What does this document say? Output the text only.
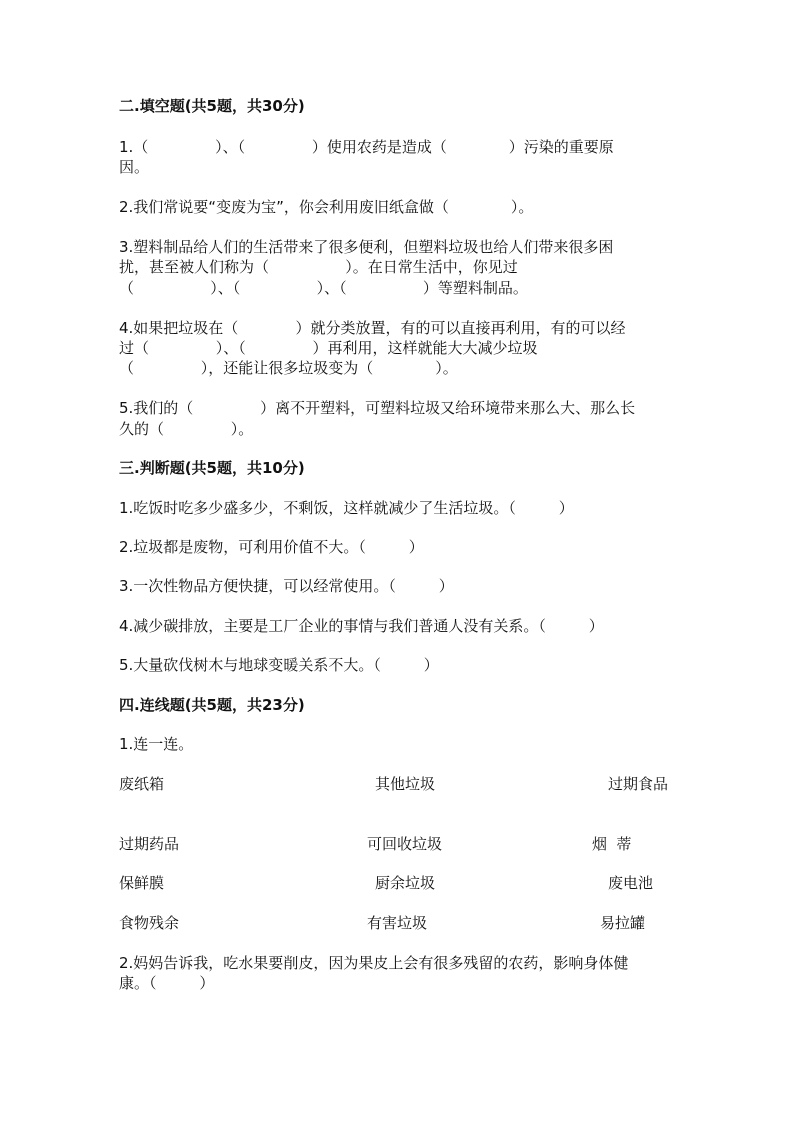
二.填空题(共5题，共30分)
1.（              ）、（              ）使用农药是造成（             ）污染的重要原
因。
2.我们常说要“变废为宝”，你会利用废旧纸盒做（             ）。
3.塑料制品给人们的生活带来了很多便利，但塑料垃圾也给人们带来很多困
扰，甚至被人们称为（                ）。在日常生活中，你见过
（                ）、（                ）、（                ）等塑料制品。
4.如果把垃圾在（            ）就分类放置，有的可以直接再利用，有的可以经
过（              ）、（              ）再利用，这样就能大大减少垃圾
（              ），还能让很多垃圾变为（             ）。
5.我们的（              ）离不开塑料，可塑料垃圾又给环境带来那么大、那么长
久的（              ）。
三.判断题(共5题，共10分)
1.吃饭时吃多少盛多少，不剩饭，这样就减少了生活垃圾。（         ）
2.垃圾都是废物，可利用价值不大。（         ）
3.一次性物品方便快捷，可以经常使用。（         ）
4.减少碳排放，主要是工厂企业的事情与我们普通人没有关系。（         ）
5.大量砍伐树木与地球变暖关系不大。（         ）
四.连线题(共5题，共23分)
1.连一连。
废纸箱	其他垃圾	过期食品
过期药品	可回收垃圾	烟  蒂
保鲜膜	厨余垃圾	废电池
食物残余	有害垃圾	易拉罐
2.妈妈告诉我，吃水果要削皮，因为果皮上会有很多残留的农药，影响身体健
康。（         ）
